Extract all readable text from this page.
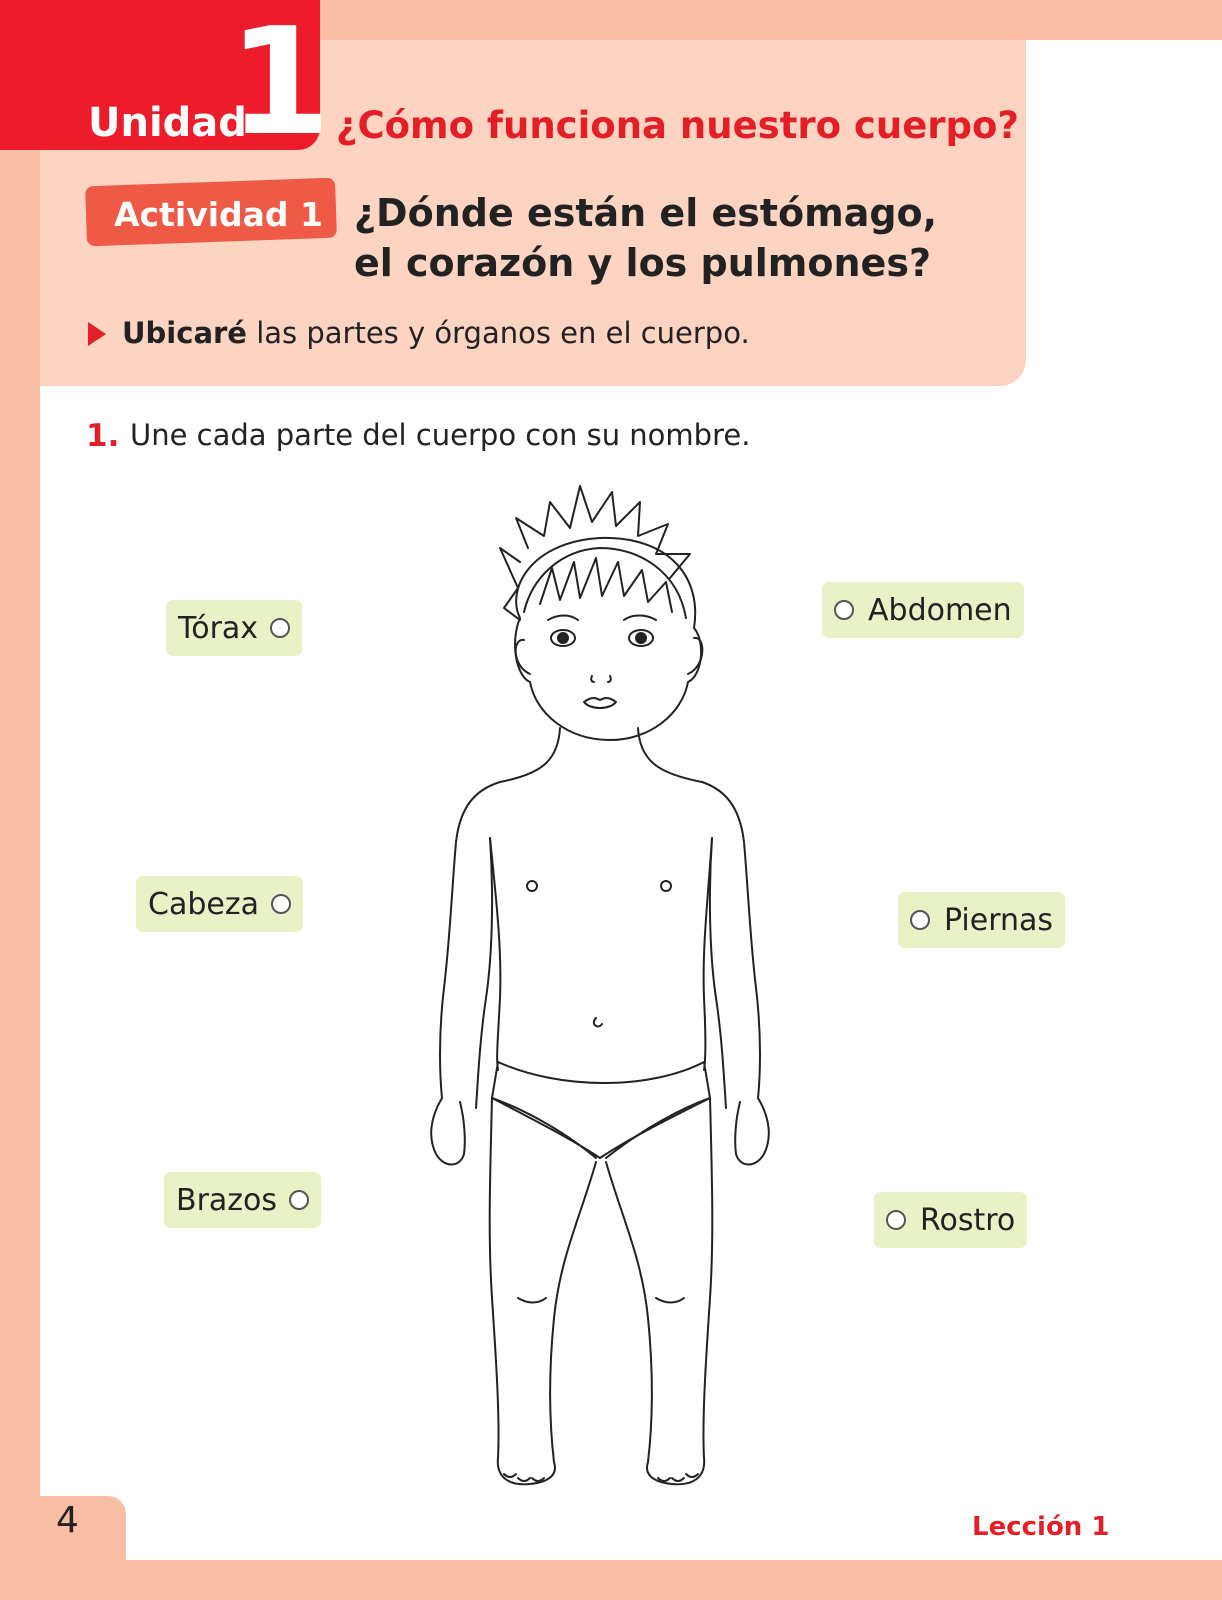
Unidad
1 ¿Cómo funciona nuestro cuerpo?
Actividad 1 ¿Dónde están el estómago,
el corazón y los pulmones?
Ubicaré las partes y órganos en el cuerpo.
1. Une cada parte del cuerpo con su nombre.
Tórax
Cabeza
Brazos
Abdomen
Piernas
Rostro
4	Lección 1
